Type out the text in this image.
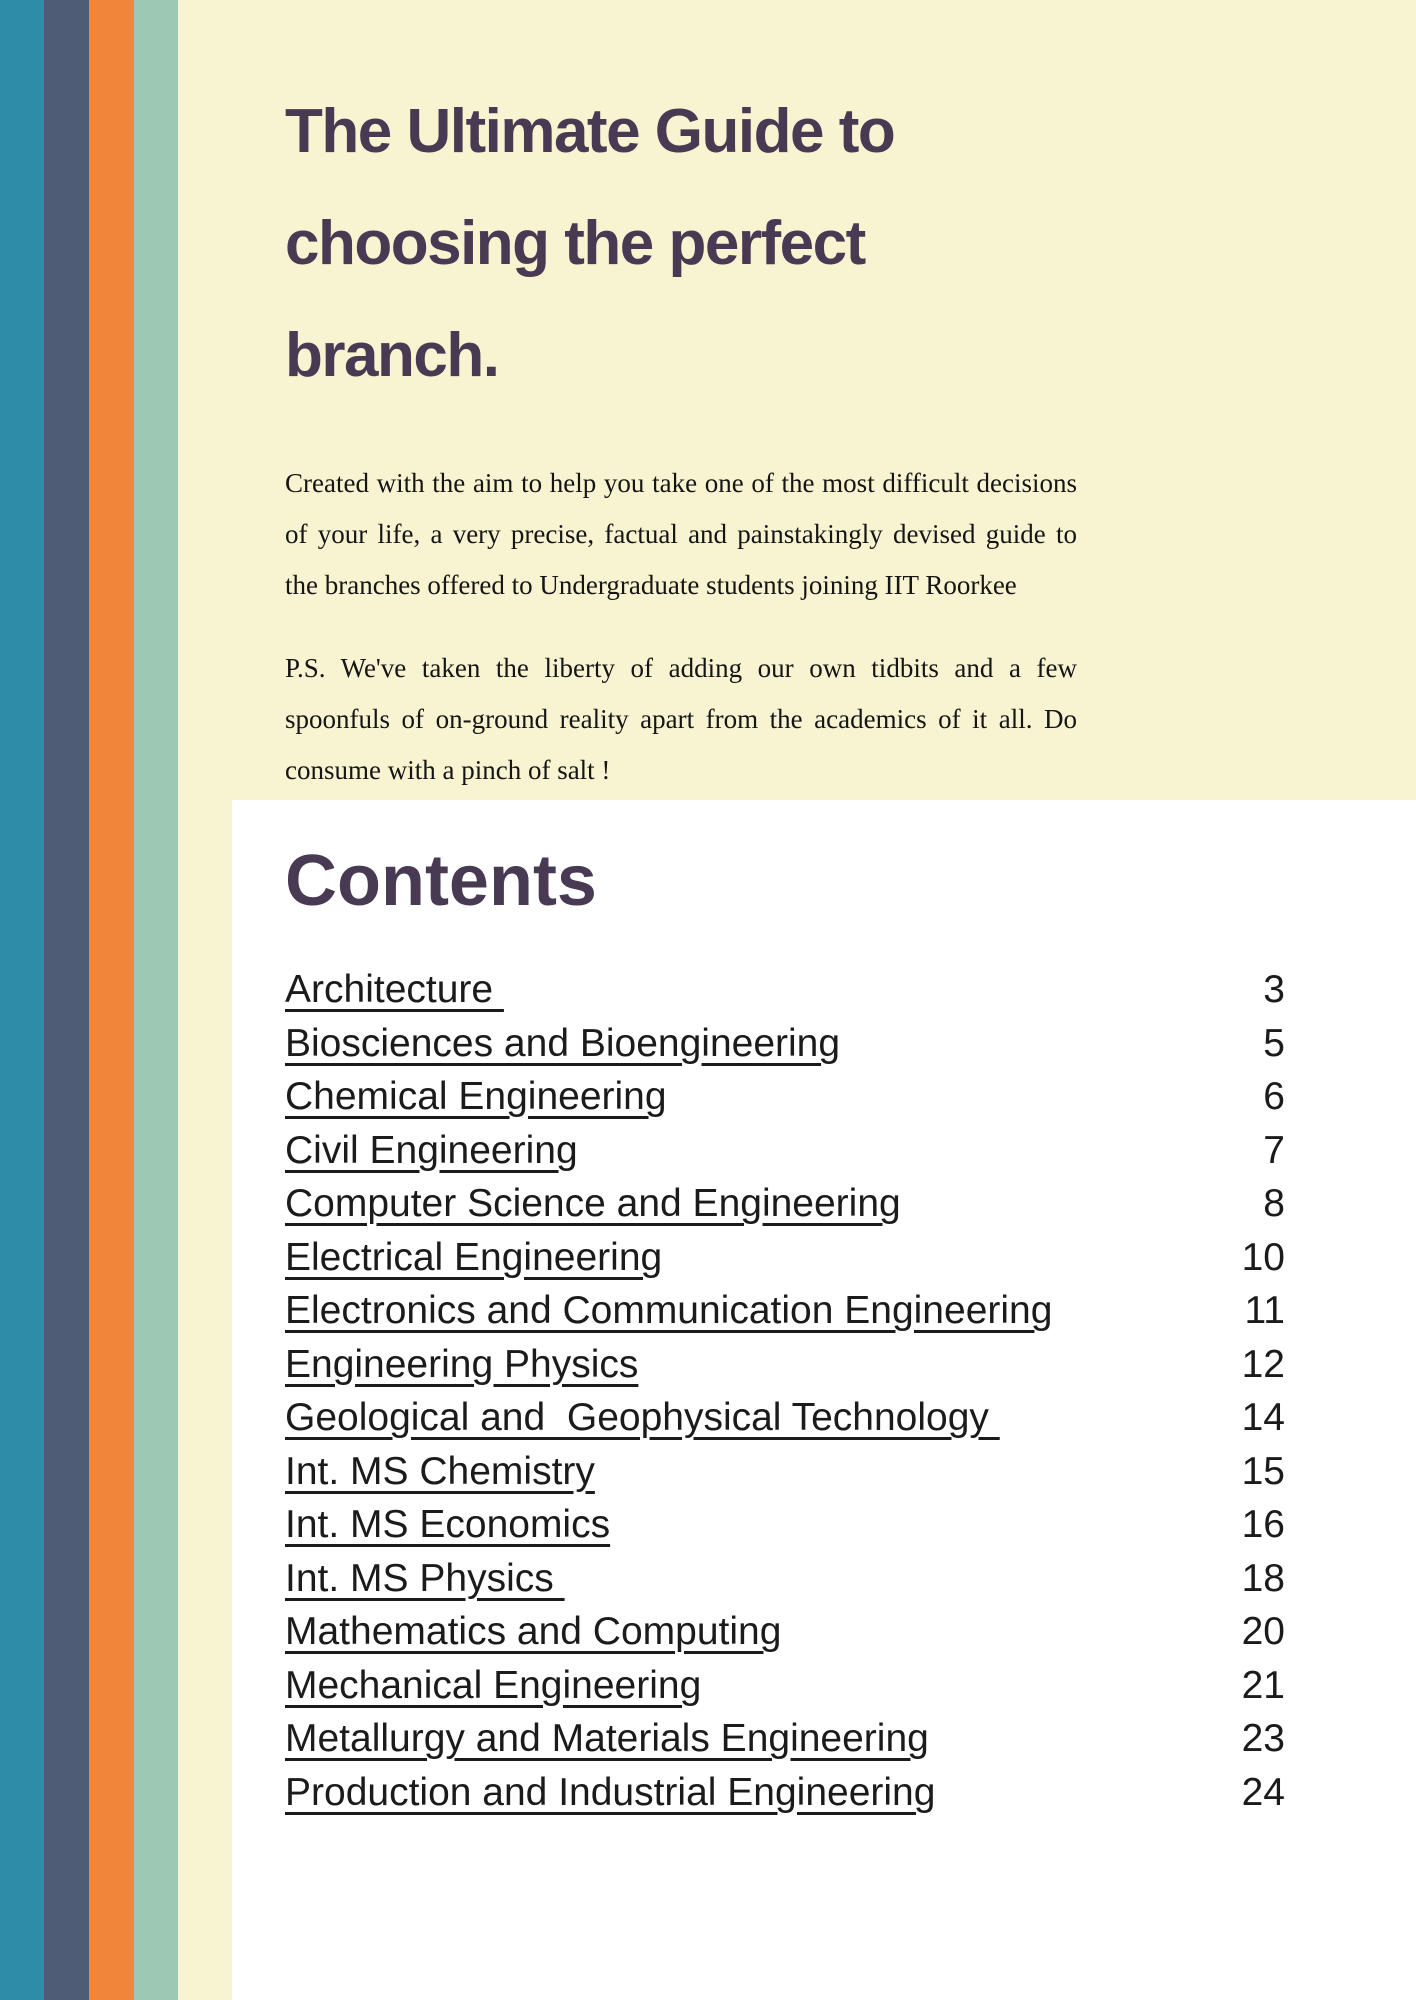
The Ultimate Guide to
choosing the perfect branch.
Created with the aim to help you take one of the most difficult decisions of your life, a very precise, factual and painstakingly devised guide to the branches offered to Undergraduate students joining IIT Roorkee
P.S. We've taken the liberty of adding our own tidbits and a few spoonfuls of on-ground reality apart from the academics of it all. Do consume with a pinch of salt !
Contents
Architecture	3
Biosciences and Bioengineering	5
Chemical Engineering	6
Civil Engineering	7
Computer Science and Engineering	8
Electrical Engineering	10
Electronics and Communication Engineering	11
Engineering Physics	12
Geological and  Geophysical Technology	14
Int. MS Chemistry	15
Int. MS Economics	16
Int. MS Physics	18
Mathematics and Computing	20
Mechanical Engineering	21
Metallurgy and Materials Engineering	23
Production and Industrial Engineering	24
